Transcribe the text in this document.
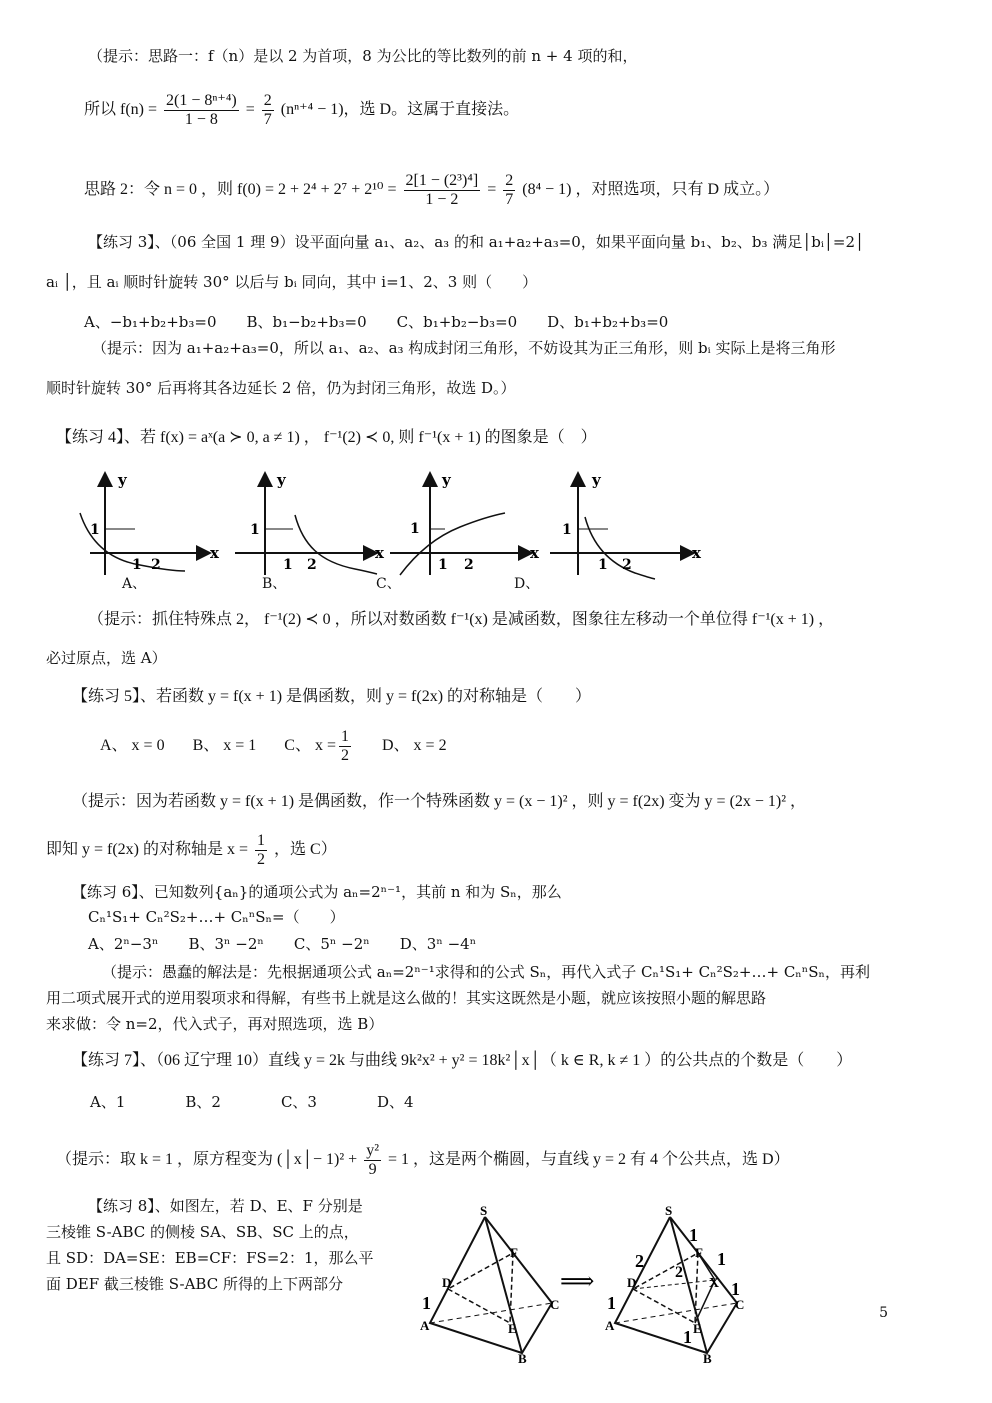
（提示：思路一：f（n）是以 2 为首项，8 为公比的等比数列的前 n + 4 项的和，
所以 $f(n) = \frac{\text{2(1 − 8ⁿ⁺⁴)}}{1 - 8} = \frac{2}{7} (n^{n+4} - 1)$，选 D。这属于直接法。
思路 2：令 n = 0 ，则 $f(0) = 2 + 2^4 + 2^7 + 2^{10} = \frac{\text{2[1 − (2³)⁴]}}{1 - 2} = \frac{2}{7} (8^4 - 1)$ ，对照选项，只有 D 成立。）
【练习 3】、（06 全国 1 理 9）设平面向量 a₁、a₂、a₃ 的和 a₁+a₂+a₃=0，如果平面向量 b₁、b₂、b₃ 满足│bᵢ│=2│
aᵢ │，且 aᵢ 顺时针旋转 30° 以后与 bᵢ 同向，其中 i=1、2、3 则（　　）
A、−b₁+b₂+b₃=0　　B、b₁−b₂+b₃=0　　C、b₁+b₂−b₃=0　　D、b₁+b₂+b₃=0
（提示：因为 a₁+a₂+a₃=0，所以 a₁、a₂、a₃ 构成封闭三角形，不妨设其为正三角形，则 bᵢ 实际上是将三角形
顺时针旋转 30° 后再将其各边延长 2 倍，仍为封闭三角形，故选 D。）
【练习 4】、若 f(x) = aˣ(a ≻ 0, a ≠ 1) ， f⁻¹(2) ≺ 0, 则 f⁻¹(x + 1) 的图象是（　）
y
x
1
1 2
y
x
1
1 2
y
x
1
1 2
y
x
1
1 2
A、	B、	C、	D、
（提示：抓住特殊点 2， f⁻¹(2) ≺ 0 ，所以对数函数 f⁻¹(x) 是减函数，图象往左移动一个单位得 f⁻¹(x + 1) ，
必过原点，选 A）
【练习 5】、若函数 y = f(x + 1) 是偶函数，则 y = f(2x) 的对称轴是（　　）
A、 x = 0 B、 x = 1 C、 $x = \frac{1}{2}$ D、 x = 2
（提示：因为若函数 y = f(x + 1) 是偶函数，作一个特殊函数 y = (x − 1)² ，则 y = f(2x) 变为 y = (2x − 1)² ，
即知 y = f(2x) 的对称轴是 $x = \frac{1}{2}$ ，选 C）
【练习 6】、已知数列{aₙ}的通项公式为 aₙ=2ⁿ⁻¹，其前 n 和为 Sₙ，那么
Cₙ¹S₁+ Cₙ²S₂+…+ CₙⁿSₙ=（　　）
A、2ⁿ−3ⁿ　　B、3ⁿ −2ⁿ　　C、5ⁿ −2ⁿ　　D、3ⁿ −4ⁿ
（提示：愚蠢的解法是：先根据通项公式 aₙ=2ⁿ⁻¹求得和的公式 Sₙ，再代入式子 Cₙ¹S₁+ Cₙ²S₂+…+ CₙⁿSₙ，再利
用二项式展开式的逆用裂项求和得解，有些书上就是这么做的！其实这既然是小题，就应该按照小题的解思路
来求做：令 n=2，代入式子，再对照选项，选 B）
【练习 7】、（06 辽宁理 10）直线 y = 2k 与曲线 9k²x² + y² = 18k²│x│（ k ∈ R, k ≠ 1 ）的公共点的个数是（　　）
A、1　　　　B、2　　　　C、3　　　　D、4
（提示：取 k = 1 ，原方程变为 (│x│− $1)^2 + \frac{\text{y²}}{9} = 1$ ，这是两个椭圆，与直线 y = 2 有 4 个公共点，选 D）
【练习 8】、如图左，若 D、E、F 分别是
三棱锥 S-ABC 的侧棱 SA、SB、SC 上的点，
且 SD：DA=SE：EB=CF：FS=2：1，那么平
面 DEF 截三棱锥 S-ABC 所得的上下两部分
S
A
B
C
D
E
F
1
⟹
S
A
B
C
D
E
F
X
1
1
1
1
1
2
2
5
